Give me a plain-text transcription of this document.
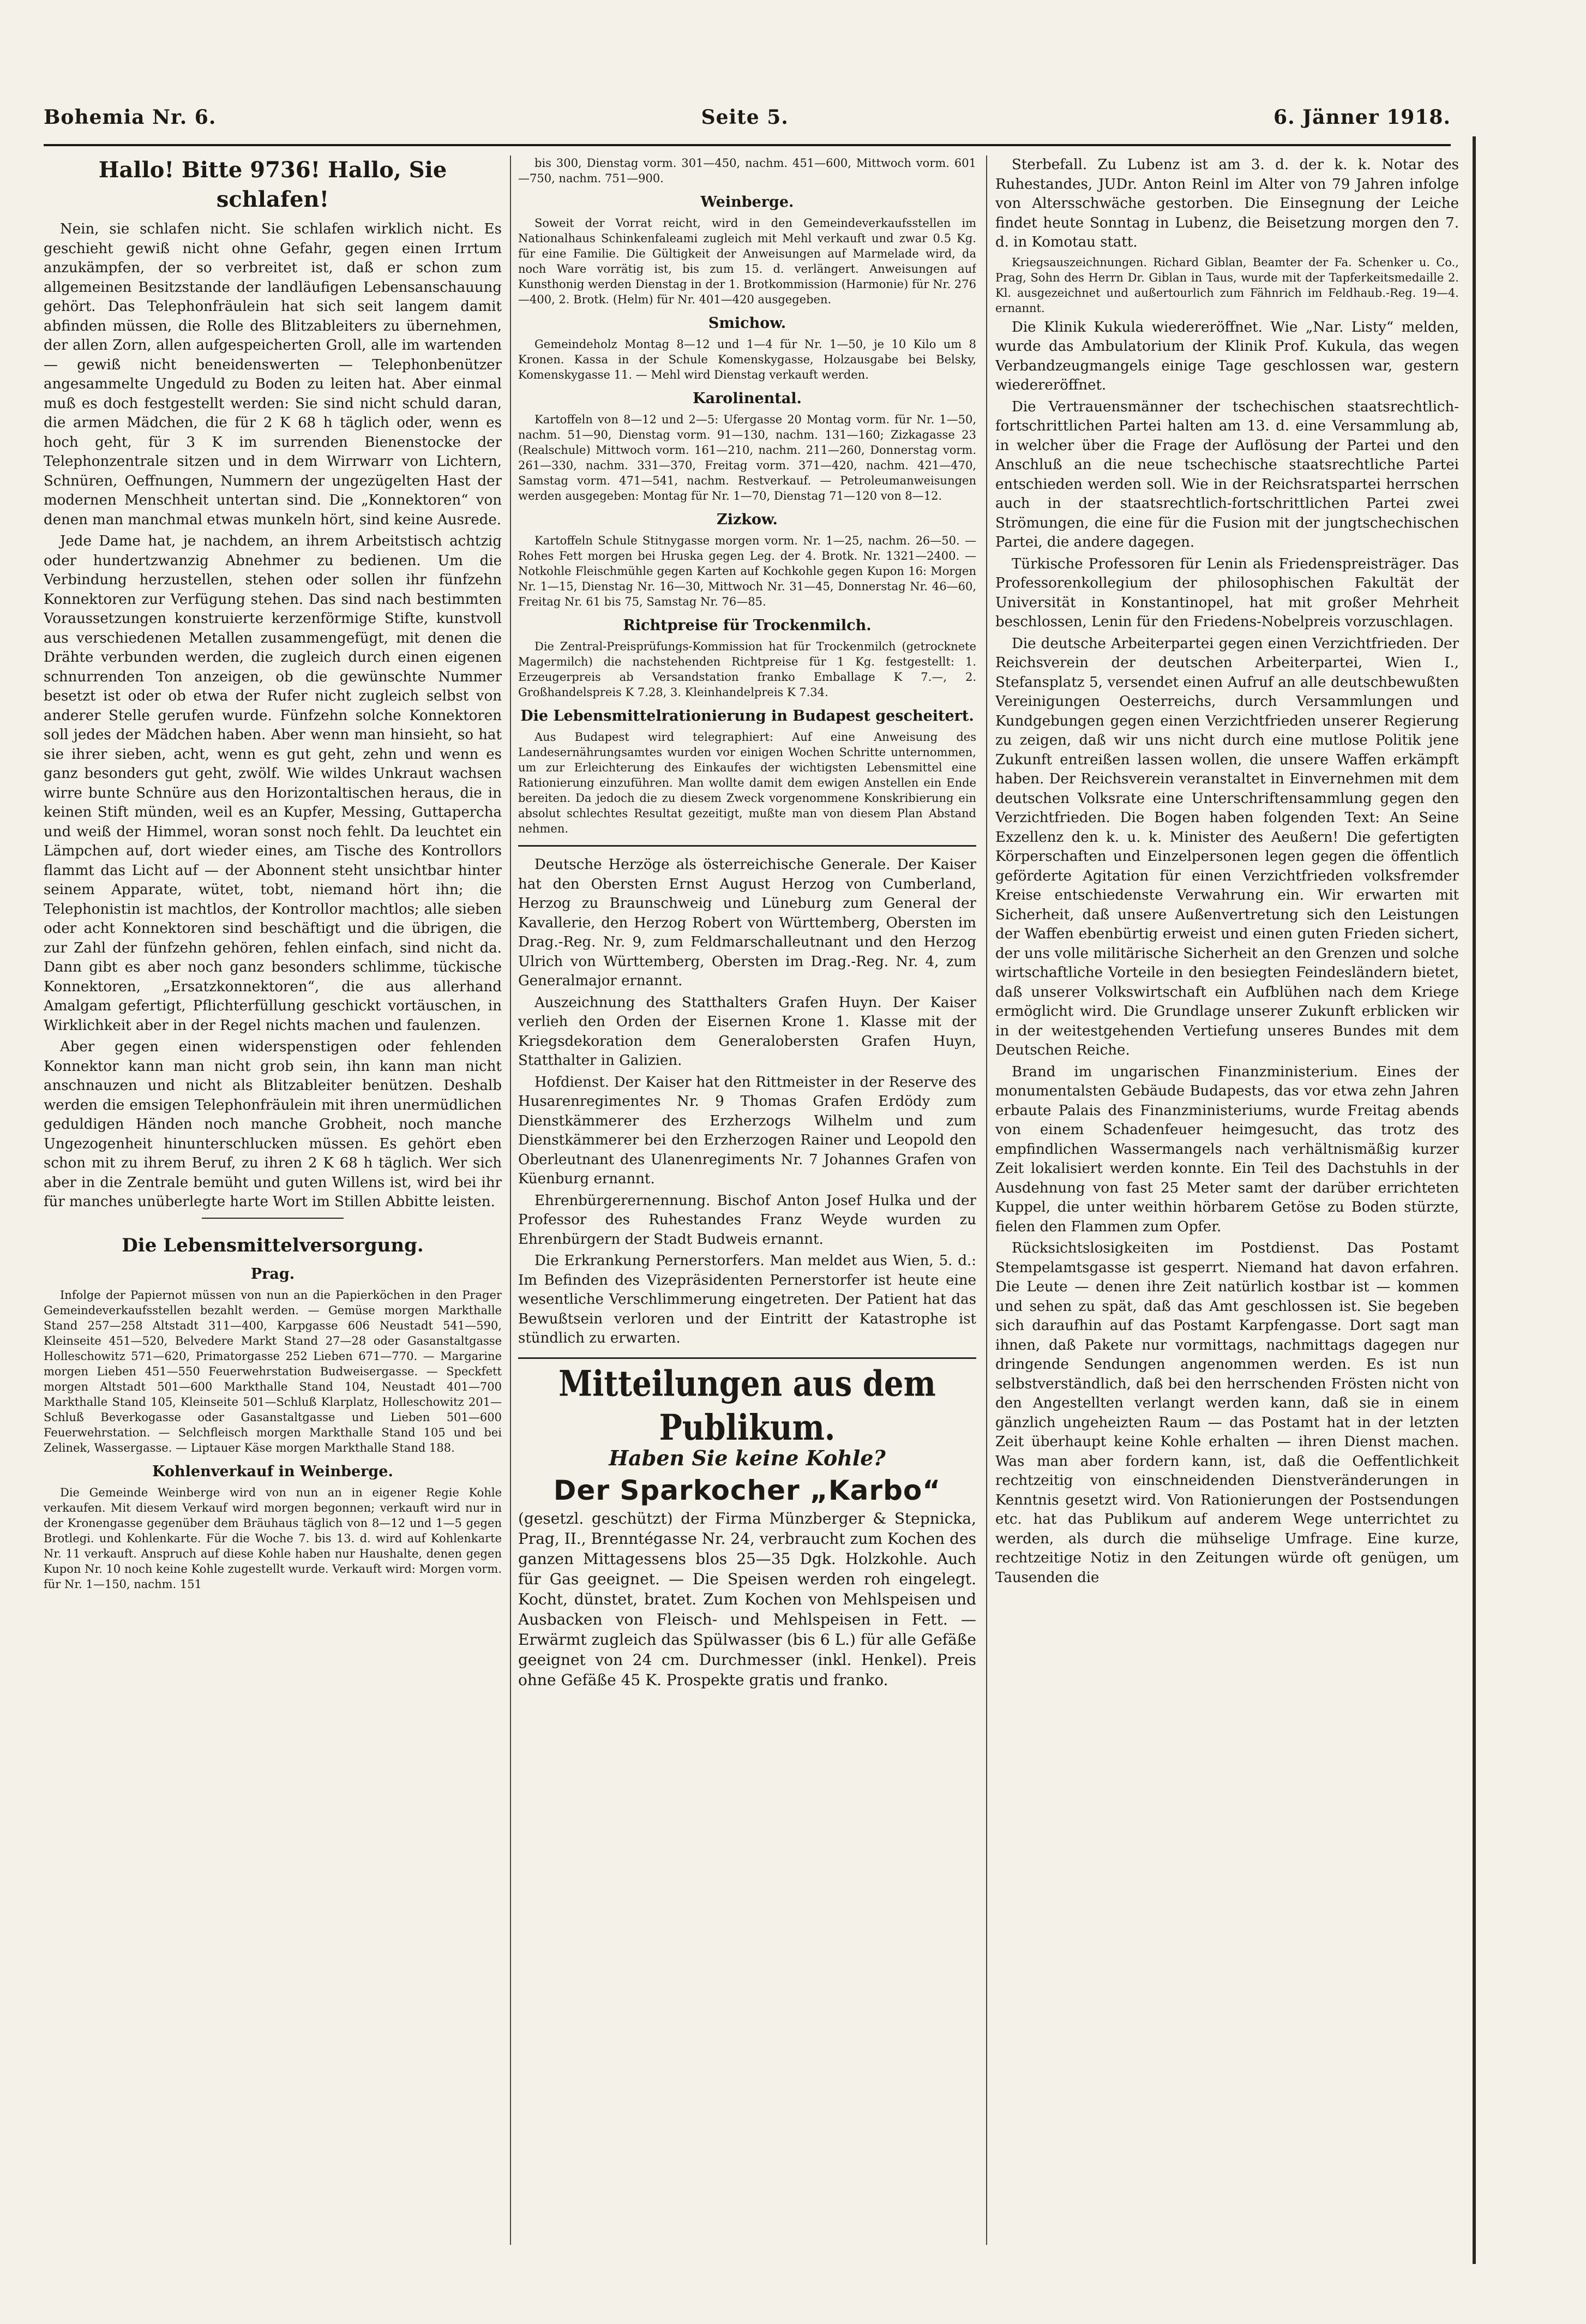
Bohemia Nr. 6.	Seite 5.	6. Jänner 1918.
Hallo! Bitte 9736! Hallo, Sie schlafen!

Nein, sie schlafen nicht. Sie schlafen wirklich nicht. Es geschieht gewiß nicht ohne Gefahr, gegen einen Irrtum anzukämpfen, der so verbreitet ist, daß er schon zum allgemeinen Besitzstande der landläufigen Lebensanschauung gehört. Das Telephonfräulein hat sich seit langem damit abfinden müssen, die Rolle des Blitzableiters zu übernehmen, der allen Zorn, allen aufgespeicherten Groll, alle im wartenden — gewiß nicht beneidenswerten — Telephonbenützer angesammelte Ungeduld zu Boden zu leiten hat. Aber einmal muß es doch festgestellt werden: Sie sind nicht schuld daran, die armen Mädchen, die für 2 K 68 h täglich oder, wenn es hoch geht, für 3 K im surrenden Bienenstocke der Telephonzentrale sitzen und in dem Wirrwarr von Lichtern, Schnüren, Oeffnungen, Nummern der ungezügelten Hast der modernen Menschheit untertan sind. Die „Konnektoren“ von denen man manchmal etwas munkeln hört, sind keine Ausrede.

Jede Dame hat, je nachdem, an ihrem Arbeitstisch achtzig oder hundertzwanzig Abnehmer zu bedienen. Um die Verbindung herzustellen, stehen oder sollen ihr fünfzehn Konnektoren zur Verfügung stehen. Das sind nach bestimmten Voraussetzungen konstruierte kerzenförmige Stifte, kunstvoll aus verschiedenen Metallen zusammengefügt, mit denen die Drähte verbunden werden, die zugleich durch einen eigenen schnurrenden Ton anzeigen, ob die gewünschte Nummer besetzt ist oder ob etwa der Rufer nicht zugleich selbst von anderer Stelle gerufen wurde. Fünfzehn solche Konnektoren soll jedes der Mädchen haben. Aber wenn man hinsieht, so hat sie ihrer sieben, acht, wenn es gut geht, zehn und wenn es ganz besonders gut geht, zwölf. Wie wildes Unkraut wachsen wirre bunte Schnüre aus den Horizontaltischen heraus, die in keinen Stift münden, weil es an Kupfer, Messing, Guttapercha und weiß der Himmel, woran sonst noch fehlt. Da leuchtet ein Lämpchen auf, dort wieder eines, am Tische des Kontrollors flammt das Licht auf — der Abonnent steht unsichtbar hinter seinem Apparate, wütet, tobt, niemand hört ihn; die Telephonistin ist machtlos, der Kontrollor machtlos; alle sieben oder acht Konnektoren sind beschäftigt und die übrigen, die zur Zahl der fünfzehn gehören, fehlen einfach, sind nicht da. Dann gibt es aber noch ganz besonders schlimme, tückische Konnektoren, „Ersatzkonnektoren“, die aus allerhand Amalgam gefertigt, Pflichterfüllung geschickt vortäuschen, in Wirklichkeit aber in der Regel nichts machen und faulenzen.

Aber gegen einen widerspenstigen oder fehlenden Konnektor kann man nicht grob sein, ihn kann man nicht anschnauzen und nicht als Blitzableiter benützen. Deshalb werden die emsigen Telephonfräulein mit ihren unermüdlichen geduldigen Händen noch manche Grobheit, noch manche Ungezogenheit hinunterschlucken müssen. Es gehört eben schon mit zu ihrem Beruf, zu ihren 2 K 68 h täglich. Wer sich aber in die Zentrale bemüht und guten Willens ist, wird bei ihr für manches unüberlegte harte Wort im Stillen Abbitte leisten.

Die Lebensmittelversorgung.
Prag.

Infolge der Papiernot müssen von nun an die Papierköchen in den Prager Gemeindeverkaufsstellen bezahlt werden. — Gemüse morgen Markthalle Stand 257—258 Altstadt 311—400, Karpgasse 606 Neustadt 541—590, Kleinseite 451—520, Belvedere Markt Stand 27—28 oder Gasanstaltgasse Holleschowitz 571—620, Primatorgasse 252 Lieben 671—770. — Margarine morgen Lieben 451—550 Feuerwehrstation Budweisergasse. — Speckfett morgen Altstadt 501—600 Markthalle Stand 104, Neustadt 401—700 Markthalle Stand 105, Kleinseite 501—Schluß Klarplatz, Holleschowitz 201—Schluß Beverkogasse oder Gasanstaltgasse und Lieben 501—600 Feuerwehrstation. — Selchfleisch morgen Markthalle Stand 105 und bei Zelinek, Wassergasse. — Liptauer Käse morgen Markthalle Stand 188.

Kohlenverkauf in Weinberge.

Die Gemeinde Weinberge wird von nun an in eigener Regie Kohle verkaufen. Mit diesem Verkauf wird morgen begonnen; verkauft wird nur in der Kronengasse gegenüber dem Bräuhaus täglich von 8—12 und 1—5 gegen Brotlegi. und Kohlenkarte. Für die Woche 7. bis 13. d. wird auf Kohlenkarte Nr. 11 verkauft. Anspruch auf diese Kohle haben nur Haushalte, denen gegen Kupon Nr. 10 noch keine Kohle zugestellt wurde. Verkauft wird: Morgen vorm. für Nr. 1—150, nachm. 151

bis 300, Dienstag vorm. 301—450, nachm. 451—600, Mittwoch vorm. 601—750, nachm. 751—900.

Weinberge.

Soweit der Vorrat reicht, wird in den Gemeindeverkaufsstellen im Nationalhaus Schinkenfaleami zugleich mit Mehl verkauft und zwar 0.5 Kg. für eine Familie. Die Gültigkeit der Anweisungen auf Marmelade wird, da noch Ware vorrätig ist, bis zum 15. d. verlängert. Anweisungen auf Kunsthonig werden Dienstag in der 1. Brotkommission (Harmonie) für Nr. 276—400, 2. Brotk. (Helm) für Nr. 401—420 ausgegeben.

Smichow.

Gemeindeholz Montag 8—12 und 1—4 für Nr. 1—50, je 10 Kilo um 8 Kronen. Kassa in der Schule Komenskygasse, Holzausgabe bei Belsky, Komenskygasse 11. — Mehl wird Dienstag verkauft werden.

Karolinental.

Kartoffeln von 8—12 und 2—5: Ufergasse 20 Montag vorm. für Nr. 1—50, nachm. 51—90, Dienstag vorm. 91—130, nachm. 131—160; Zizkagasse 23 (Realschule) Mittwoch vorm. 161—210, nachm. 211—260, Donnerstag vorm. 261—330, nachm. 331—370, Freitag vorm. 371—420, nachm. 421—470, Samstag vorm. 471—541, nachm. Restverkauf. — Petroleumanweisungen werden ausgegeben: Montag für Nr. 1—70, Dienstag 71—120 von 8—12.

Zizkow.

Kartoffeln Schule Stitnygasse morgen vorm. Nr. 1—25, nachm. 26—50. — Rohes Fett morgen bei Hruska gegen Leg. der 4. Brotk. Nr. 1321—2400. — Notkohle Fleischmühle gegen Karten auf Kochkohle gegen Kupon 16: Morgen Nr. 1—15, Dienstag Nr. 16—30, Mittwoch Nr. 31—45, Donnerstag Nr. 46—60, Freitag Nr. 61 bis 75, Samstag Nr. 76—85.

Richtpreise für Trockenmilch.

Die Zentral-Preisprüfungs-Kommission hat für Trockenmilch (getrocknete Magermilch) die nachstehenden Richtpreise für 1 Kg. festgestellt: 1. Erzeugerpreis ab Versandstation franko Emballage K 7.—, 2. Großhandelspreis K 7.28, 3. Kleinhandelpreis K 7.34.

Die Lebensmittelrationierung in Budapest gescheitert.

Aus Budapest wird telegraphiert: Auf eine Anweisung des Landesernährungsamtes wurden vor einigen Wochen Schritte unternommen, um zur Erleichterung des Einkaufes der wichtigsten Lebensmittel eine Rationierung einzuführen. Man wollte damit dem ewigen Anstellen ein Ende bereiten. Da jedoch die zu diesem Zweck vorgenommene Konskribierung ein absolut schlechtes Resultat gezeitigt, mußte man von diesem Plan Abstand nehmen.

Deutsche Herzöge als österreichische Generale. Der Kaiser hat den Obersten Ernst August Herzog von Cumberland, Herzog zu Braunschweig und Lüneburg zum General der Kavallerie, den Herzog Robert von Württemberg, Obersten im Drag.-Reg. Nr. 9, zum Feldmarschalleutnant und den Herzog Ulrich von Württemberg, Obersten im Drag.-Reg. Nr. 4, zum Generalmajor ernannt.

Auszeichnung des Statthalters Grafen Huyn. Der Kaiser verlieh den Orden der Eisernen Krone 1. Klasse mit der Kriegsdekoration dem Generalobersten Grafen Huyn, Statthalter in Galizien.

Hofdienst. Der Kaiser hat den Rittmeister in der Reserve des Husarenregimentes Nr. 9 Thomas Grafen Erdödy zum Dienstkämmerer des Erzherzogs Wilhelm und zum Dienstkämmerer bei den Erzherzogen Rainer und Leopold den Oberleutnant des Ulanenregiments Nr. 7 Johannes Grafen von Küenburg ernannt.

Ehrenbürgerernennung. Bischof Anton Josef Hulka und der Professor des Ruhestandes Franz Weyde wurden zu Ehrenbürgern der Stadt Budweis ernannt.

Die Erkrankung Pernerstorfers. Man meldet aus Wien, 5. d.: Im Befinden des Vizepräsidenten Pernerstorfer ist heute eine wesentliche Verschlimmerung eingetreten. Der Patient hat das Bewußtsein verloren und der Eintritt der Katastrophe ist stündlich zu erwarten.

Mitteilungen aus dem Publikum.
Haben Sie keine Kohle?
Der Sparkocher „Karbo“

(gesetzl. geschützt) der Firma Münzberger & Stepnicka, Prag, II., Brenntégasse Nr. 24, verbraucht zum Kochen des ganzen Mittagessens blos 25—35 Dgk. Holzkohle. Auch für Gas geeignet. — Die Speisen werden roh eingelegt. Kocht, dünstet, bratet. Zum Kochen von Mehlspeisen und Ausbacken von Fleisch- und Mehlspeisen in Fett. — Erwärmt zugleich das Spülwasser (bis 6 L.) für alle Gefäße geeignet von 24 cm. Durchmesser (inkl. Henkel). Preis ohne Gefäße 45 K. Prospekte gratis und franko.

Sterbefall. Zu Lubenz ist am 3. d. der k. k. Notar des Ruhestandes, JUDr. Anton Reinl im Alter von 79 Jahren infolge von Altersschwäche gestorben. Die Einsegnung der Leiche findet heute Sonntag in Lubenz, die Beisetzung morgen den 7. d. in Komotau statt.

Kriegsauszeichnungen. Richard Giblan, Beamter der Fa. Schenker u. Co., Prag, Sohn des Herrn Dr. Giblan in Taus, wurde mit der Tapferkeitsmedaille 2. Kl. ausgezeichnet und außertourlich zum Fähnrich im Feldhaub.-Reg. 19—4. ernannt.

Die Klinik Kukula wiedereröffnet. Wie „Nar. Listy“ melden, wurde das Ambulatorium der Klinik Prof. Kukula, das wegen Verbandzeugmangels einige Tage geschlossen war, gestern wiedereröffnet.

Die Vertrauensmänner der tschechischen staatsrechtlich-fortschrittlichen Partei halten am 13. d. eine Versammlung ab, in welcher über die Frage der Auflösung der Partei und den Anschluß an die neue tschechische staatsrechtliche Partei entschieden werden soll. Wie in der Reichsratspartei herrschen auch in der staatsrechtlich-fortschrittlichen Partei zwei Strömungen, die eine für die Fusion mit der jungtschechischen Partei, die andere dagegen.

Türkische Professoren für Lenin als Friedenspreisträger. Das Professorenkollegium der philosophischen Fakultät der Universität in Konstantinopel, hat mit großer Mehrheit beschlossen, Lenin für den Friedens-Nobelpreis vorzuschlagen.

Die deutsche Arbeiterpartei gegen einen Verzichtfrieden. Der Reichsverein der deutschen Arbeiterpartei, Wien I., Stefansplatz 5, versendet einen Aufruf an alle deutschbewußten Vereinigungen Oesterreichs, durch Versammlungen und Kundgebungen gegen einen Verzichtfrieden unserer Regierung zu zeigen, daß wir uns nicht durch eine mutlose Politik jene Zukunft entreißen lassen wollen, die unsere Waffen erkämpft haben. Der Reichsverein veranstaltet in Einvernehmen mit dem deutschen Volksrate eine Unterschriftensammlung gegen den Verzichtfrieden. Die Bogen haben folgenden Text: An Seine Exzellenz den k. u. k. Minister des Aeußern! Die gefertigten Körperschaften und Einzelpersonen legen gegen die öffentlich geförderte Agitation für einen Verzichtfrieden volksfremder Kreise entschiedenste Verwahrung ein. Wir erwarten mit Sicherheit, daß unsere Außenvertretung sich den Leistungen der Waffen ebenbürtig erweist und einen guten Frieden sichert, der uns volle militärische Sicherheit an den Grenzen und solche wirtschaftliche Vorteile in den besiegten Feindesländern bietet, daß unserer Volkswirtschaft ein Aufblühen nach dem Kriege ermöglicht wird. Die Grundlage unserer Zukunft erblicken wir in der weitestgehenden Vertiefung unseres Bundes mit dem Deutschen Reiche.

Brand im ungarischen Finanzministerium. Eines der monumentalsten Gebäude Budapests, das vor etwa zehn Jahren erbaute Palais des Finanzministeriums, wurde Freitag abends von einem Schadenfeuer heimgesucht, das trotz des empfindlichen Wassermangels nach verhältnismäßig kurzer Zeit lokalisiert werden konnte. Ein Teil des Dachstuhls in der Ausdehnung von fast 25 Meter samt der darüber errichteten Kuppel, die unter weithin hörbarem Getöse zu Boden stürzte, fielen den Flammen zum Opfer.

Rücksichtslosigkeiten im Postdienst. Das Postamt Stempelamtsgasse ist gesperrt. Niemand hat davon erfahren. Die Leute — denen ihre Zeit natürlich kostbar ist — kommen und sehen zu spät, daß das Amt geschlossen ist. Sie begeben sich daraufhin auf das Postamt Karpfengasse. Dort sagt man ihnen, daß Pakete nur vormittags, nachmittags dagegen nur dringende Sendungen angenommen werden. Es ist nun selbstverständlich, daß bei den herrschenden Frösten nicht von den Angestellten verlangt werden kann, daß sie in einem gänzlich ungeheizten Raum — das Postamt hat in der letzten Zeit überhaupt keine Kohle erhalten — ihren Dienst machen. Was man aber fordern kann, ist, daß die Oeffentlichkeit rechtzeitig von einschneidenden Dienstveränderungen in Kenntnis gesetzt wird. Von Rationierungen der Postsendungen etc. hat das Publikum auf anderem Wege unterrichtet zu werden, als durch die mühselige Umfrage. Eine kurze, rechtzeitige Notiz in den Zeitungen würde oft genügen, um Tausenden die
